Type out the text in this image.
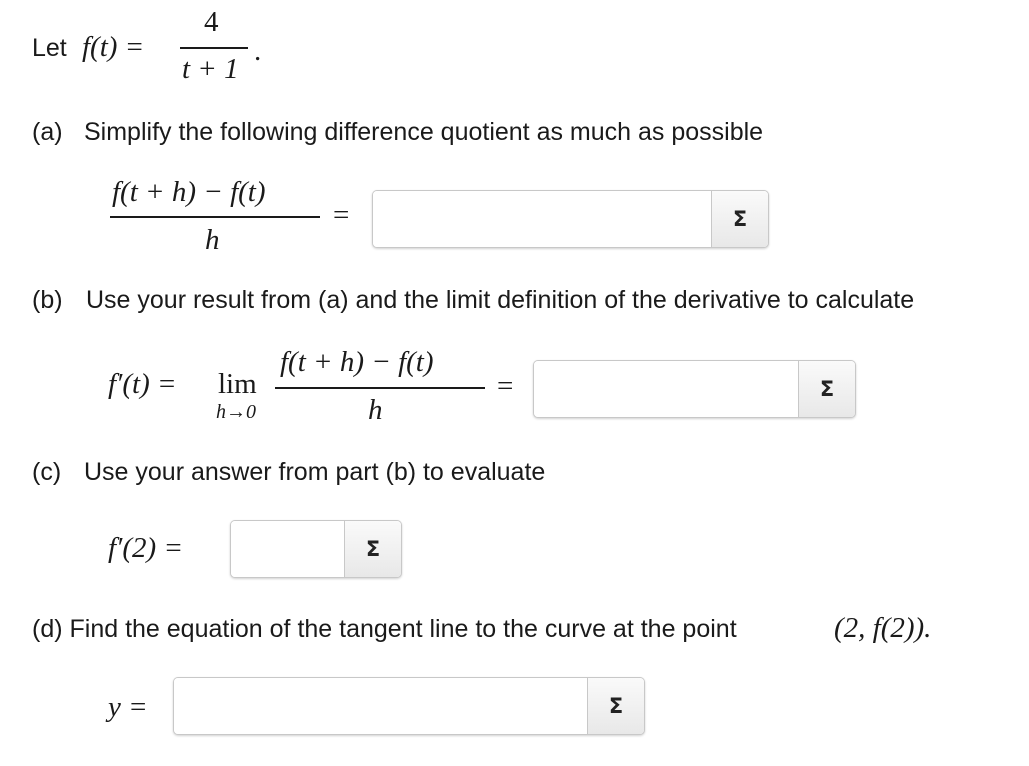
Let f(t) =
4
t + 1
.
(a) Simplify the following difference quotient as much as possible
f(t + h) − f(t)
h
=	Σ
(b) Use your result from (a) and the limit definition of the derivative to calculate
f′(t) = lim
h→0
f(t + h) − f(t)
h
=	Σ
(c) Use your answer from part (b) to evaluate
f′(2) =	Σ
(d) Find the equation of the tangent line to the curve at the point	(2, f(2)).
y =	Σ
